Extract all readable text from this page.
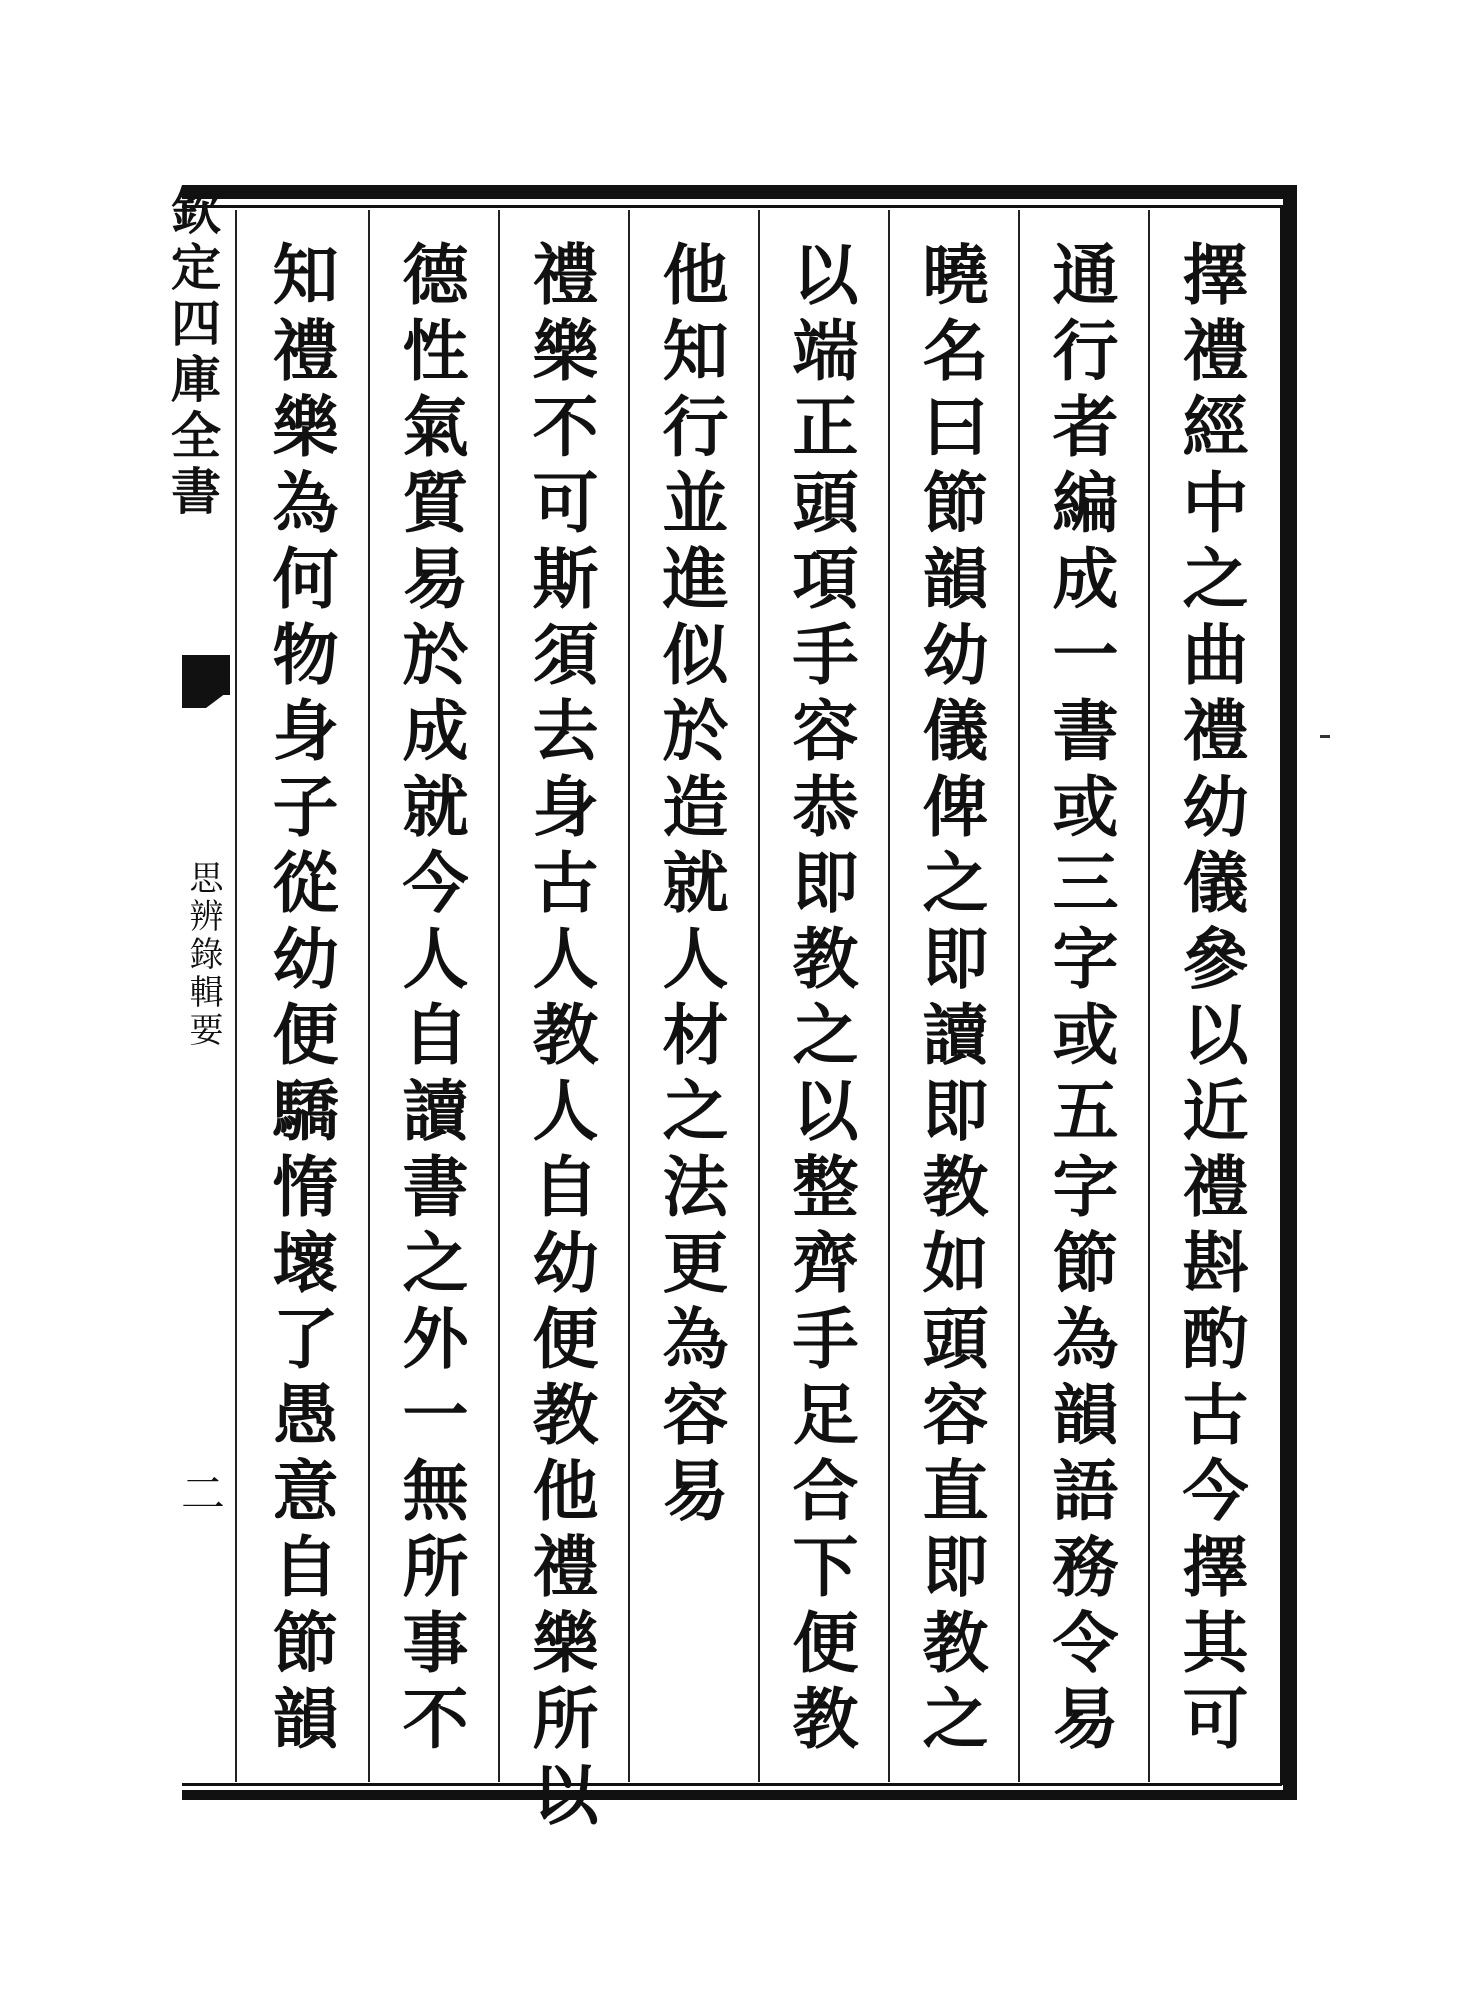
擇禮經中之曲禮幼儀參以近禮斟酌古今擇其可
通行者編成一書或三字或五字節為韻語務令易
曉名曰節韻幼儀俾之即讀即教如頭容直即教之
以端正頭項手容恭即教之以整齊手足合下便教
他知行並進似於造就人材之法更為容易
禮樂不可斯須去身古人教人自幼便教他禮樂所以
德性氣質易於成就今人自讀書之外一無所事不
知禮樂為何物身子從幼便驕惰壞了愚意自節韻
欽定四庫全書
思辨錄輯要
二
